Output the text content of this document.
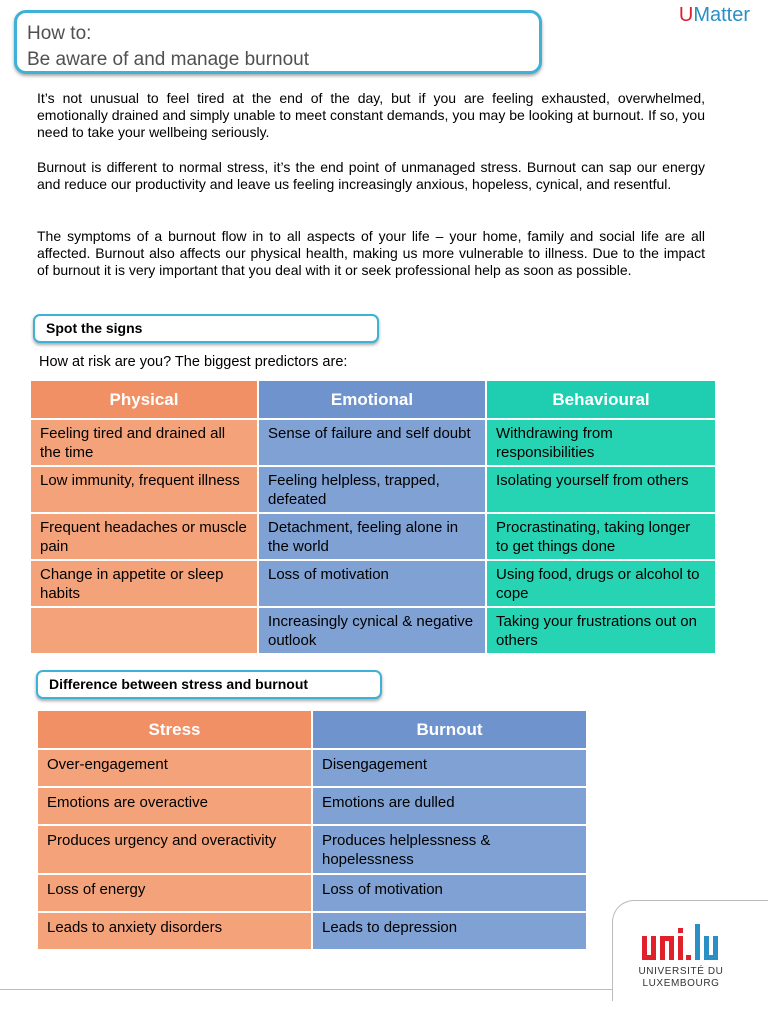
UMatter
How to:
Be aware of and manage burnout

It’s not unusual to feel tired at the end of the day, but if you are feeling exhausted, overwhelmed, emotionally drained and simply unable to meet constant demands, you may be looking at burnout. If so, you need to take your wellbeing seriously.

Burnout is different to normal stress, it’s the end point of unmanaged stress. Burnout can sap our energy and reduce our productivity and leave us feeling increasingly anxious, hopeless, cynical, and resentful.

The symptoms of a burnout flow in to all aspects of your life – your home, family and social life are all affected. Burnout also affects our physical health, making us more vulnerable to illness. Due to the impact of burnout it is very important that you deal with it or seek professional help as soon as possible.

Spot the signs
How at risk are you? The biggest predictors are:
Physical	Emotional	Behavioural
Feeling tired and drained all the time	Sense of failure and self doubt	Withdrawing from responsibilities
Low immunity, frequent illness	Feeling helpless, trapped, defeated	Isolating yourself from others
Frequent headaches or muscle pain	Detachment, feeling alone in the world	Procrastinating, taking longer to get things done
Change in appetite or sleep habits	Loss of motivation	Using food, drugs or alcohol to cope
	Increasingly cynical & negative outlook	Taking your frustrations out on others
Difference between stress and burnout
Stress	Burnout
Over-engagement	Disengagement
Emotions are overactive	Emotions are dulled
Produces urgency and overactivity	Produces helplessness & hopelessness
Loss of energy	Loss of motivation
Leads to anxiety disorders	Leads to depression
UNIVERSITÉ DU
LUXEMBOURG
